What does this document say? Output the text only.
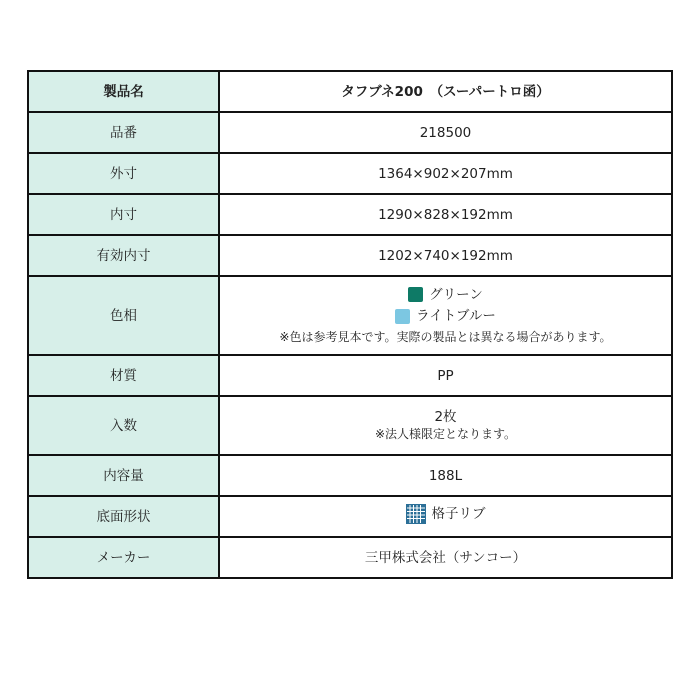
製品名	タフブネ200　（スーパートロ函）
品番	218500
外寸	1364×902×207mm
内寸	1290×828×192mm
有効内寸	1202×740×192mm
色相	グリーン
ライトブルー
※色は参考見本です。実際の製品とは異なる場合があります。

材質	PP
入数	2枚
※法人様限定となります。

内容量	188L
底面形状	格子リブ

メーカー	三甲株式会社（サンコー）
